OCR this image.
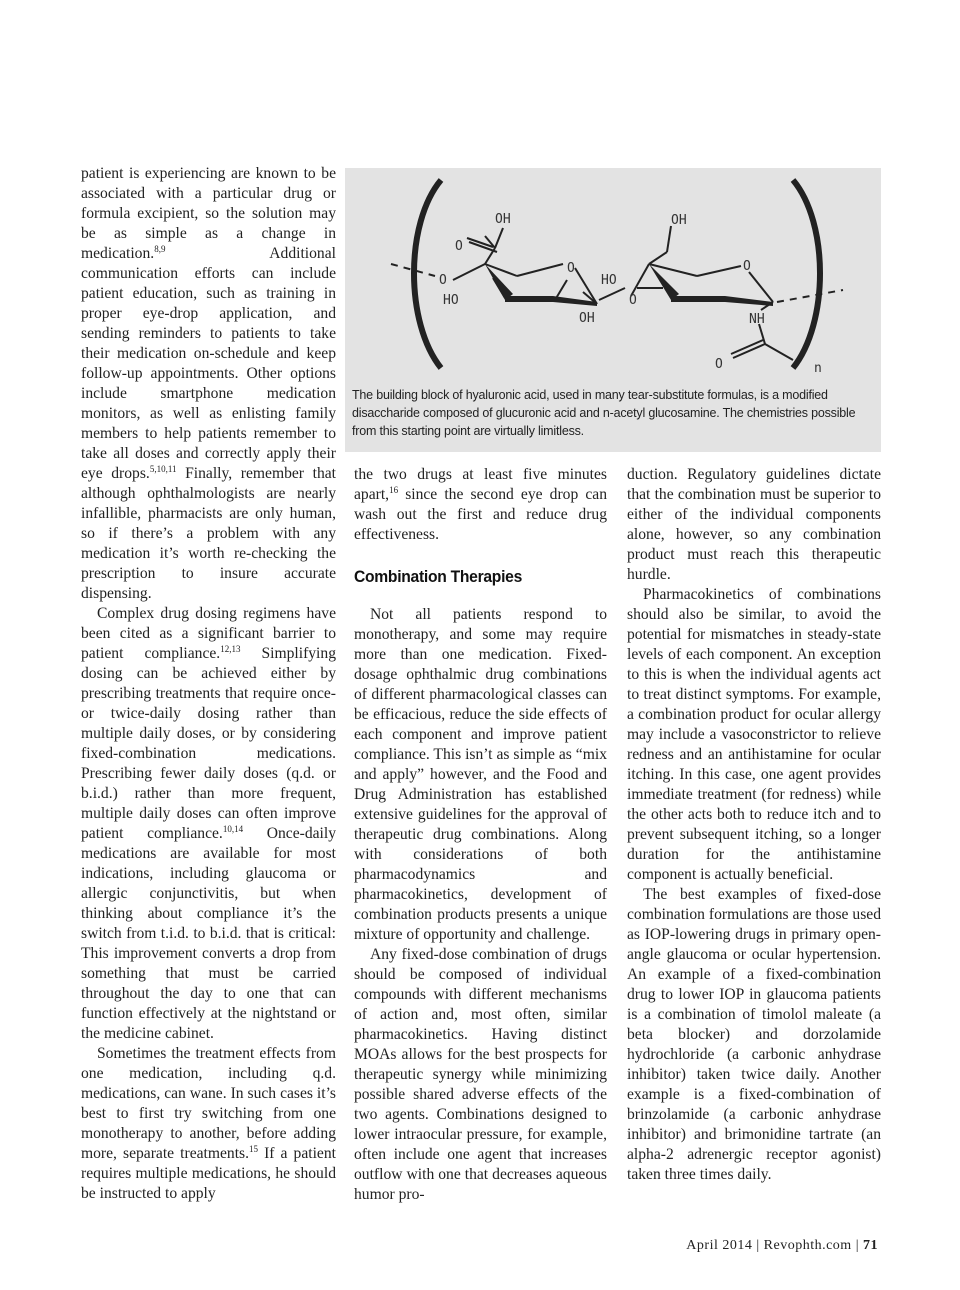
patient is experiencing are known to be associated with a particular drug or formula excipient, so the solution may be as simple as a change in medication.$^{8,9}$ Additional communication efforts can include patient education, such as training in proper eye-drop application, and sending reminders to patients to take their medication on-schedule and keep follow-up appointments. Other options include smartphone medication monitors, as well as enlisting family members to help patients remember to take all doses and correctly apply their eye drops.$^{5,10,11}$ Finally, remember that although ophthalmologists are nearly infallible, pharmacists are only human, so if there’s a problem with any medication it’s worth re-checking the prescription to insure accurate dispensing.

Complex drug dosing regimens have been cited as a significant barrier to patient compliance.$^{12,13}$ Simplifying dosing can be achieved either by prescribing treatments that require once- or twice-daily dosing rather than multiple daily doses, or by considering fixed-combination medications. Prescribing fewer daily doses (q.d. or b.i.d.) rather than more frequent, multiple daily doses can often improve patient compliance.$^{10,14}$ Once-daily medications are available for most indications, including glaucoma or allergic conjunctivitis, but when thinking about compliance it’s the switch from t.i.d. to b.i.d. that is critical: This improvement converts a drop from something that must be carried throughout the day to one that can function effectively at the nightstand or the medicine cabinet.

Sometimes the treatment effects from one medication, including q.d. medications, can wane. In such cases it’s best to first try switching from one monotherapy to another, before adding more, separate treatments.$^{15}$ If a patient requires multiple medications, he should be instructed to apply

OH
O
O
HO
O
OH
HO
O
OH
O
NH
O	n
The building block of hyaluronic acid, used in many tear-substitute formulas, is a modified disaccharide composed of glucuronic acid and n-acetyl glucosamine. The chemistries possible from this starting point are virtually limitless.

the two drugs at least five minutes apart,$^{16}$ since the second eye drop can wash out the first and reduce drug effectiveness.

Combination Therapies

Not all patients respond to monotherapy, and some may require more than one medication. Fixed-dosage ophthalmic drug combinations of different pharmacological classes can be efficacious, reduce the side effects of each component and improve patient compliance. This isn’t as simple as “mix and apply” however, and the Food and Drug Administration has established extensive guidelines for the approval of therapeutic drug combinations. Along with considerations of both pharmacodynamics and pharmacokinetics, development of combination products presents a unique mixture of opportunity and challenge.

Any fixed-dose combination of drugs should be composed of individual compounds with different mechanisms of action and, most often, similar pharmacokinetics. Having distinct MOAs allows for the best prospects for therapeutic synergy while minimizing possible shared adverse effects of the two agents. Combinations designed to lower intraocular pressure, for example, often include one agent that increases outflow with one that decreases aqueous humor pro-

duction. Regulatory guidelines dictate that the combination must be superior to either of the individual components alone, however, so any combination product must reach this therapeutic hurdle.

Pharmacokinetics of combinations should also be similar, to avoid the potential for mismatches in steady-state levels of each component. An exception to this is when the individual agents act to treat distinct symptoms. For example, a combination product for ocular allergy may include a vasoconstrictor to relieve redness and an antihistamine for ocular itching. In this case, one agent provides immediate treatment (for redness) while the other acts both to reduce itch and to prevent subsequent itching, so a longer duration for the antihistamine component is actually beneficial.

The best examples of fixed-dose combination formulations are those used as IOP-lowering drugs in primary open-angle glaucoma or ocular hypertension. An example of a fixed-combination drug to lower IOP in glaucoma patients is a combination of timolol maleate (a beta blocker) and dorzolamide hydrochloride (a carbonic anhydrase inhibitor) taken twice daily. Another example is a fixed-combination of brinzolamide (a carbonic anhydrase inhibitor) and brimonidine tartrate (an alpha-2 adrenergic receptor agonist) taken three times daily.

April 2014 | Revophth.com | 71
